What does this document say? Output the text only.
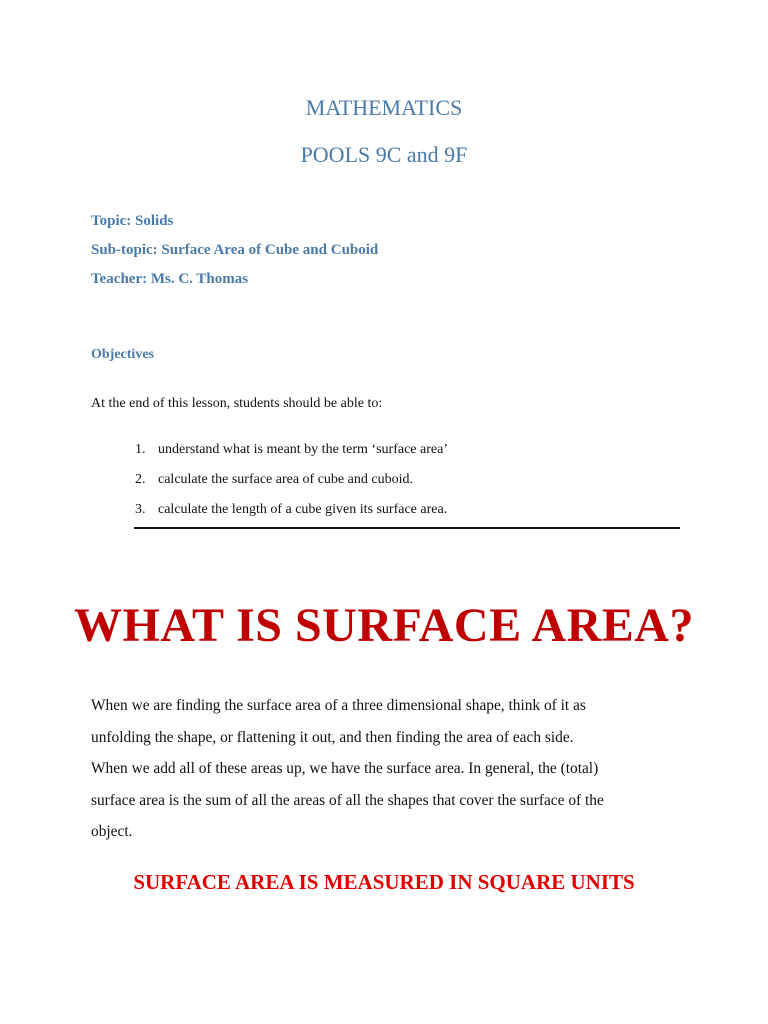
MATHEMATICS
POOLS 9C and 9F
Topic: Solids
Sub-topic: Surface Area of Cube and Cuboid
Teacher: Ms. C. Thomas
Objectives
At the end of this lesson, students should be able to:
1. understand what is meant by the term ‘surface area’
2. calculate the surface area of cube and cuboid.
3. calculate the length of a cube given its surface area.
WHAT IS SURFACE AREA?

When we are finding the surface area of a three dimensional shape, think of it as
unfolding the shape, or flattening it out, and then finding the area of each side.
When we add all of these areas up, we have the surface area. In general, the (total)
surface area is the sum of all the areas of all the shapes that cover the surface of the
object.

SURFACE AREA IS MEASURED IN SQUARE UNITS
